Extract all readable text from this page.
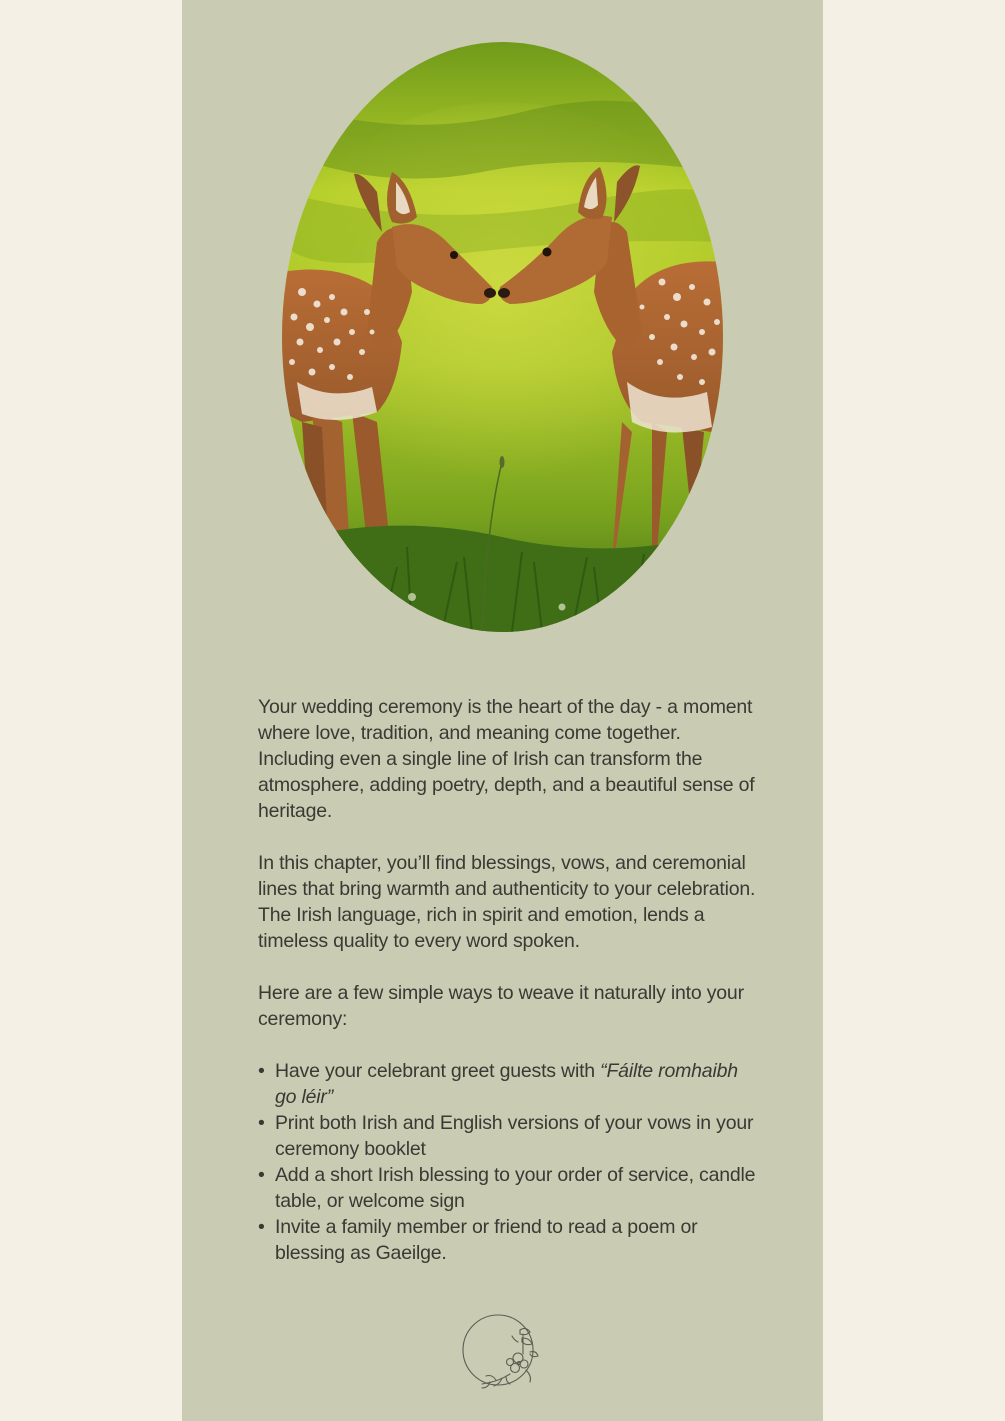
Your wedding ceremony is the heart of the day - a moment where love, tradition, and meaning come together. Including even a single line of Irish can transform the atmosphere, adding poetry, depth, and a beautiful sense of heritage.

In this chapter, you’ll find blessings, vows, and ceremonial lines that bring warmth and authenticity to your celebration. The Irish language, rich in spirit and emotion, lends a timeless quality to every word spoken.

Here are a few simple ways to weave it naturally into your ceremony:

• Have your celebrant greet guests with “Fáilte romhaibh go léir”
• Print both Irish and English versions of your vows in your ceremony booklet
• Add a short Irish blessing to your order of service, candle table, or welcome sign
• Invite a family member or friend to read a poem or blessing as Gaeilge.
